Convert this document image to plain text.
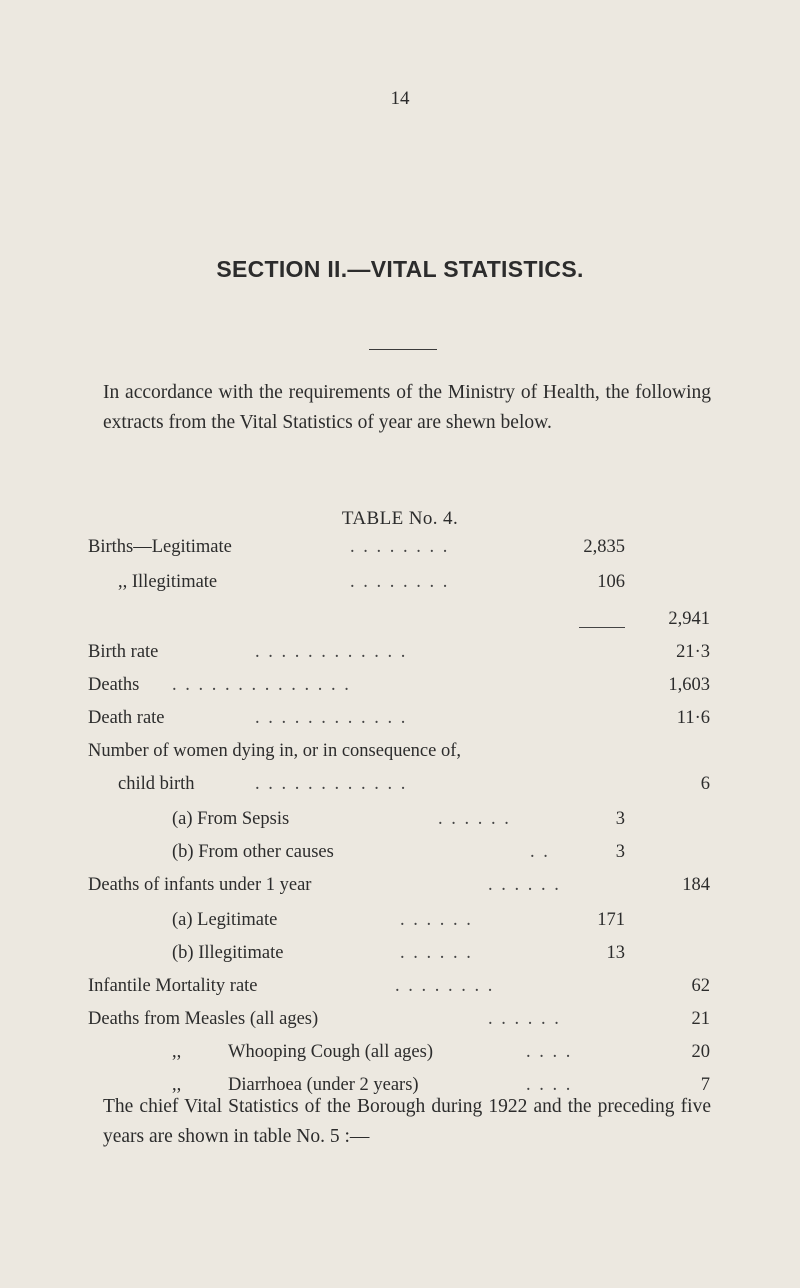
14
SECTION II.—VITAL STATISTICS.

In accordance with the requirements of the Ministry of Health, the following extracts from the Vital Statistics of year are shewn below.

TABLE No. 4.
Births—Legitimate	. . . . . . . .	2,835
,, Illegitimate	. . . . . . . .	106
2,941
Birth rate	. . . . . . . . . . . .	21·3
Deaths . . . . . . . . . . . . . .	1,603
Death rate	. . . . . . . . . . . .	11·6
Number of women dying in, or in consequence of,
child birth	. . . . . . . . . . . .	6
(a) From Sepsis	. . . . . .	3
(b) From other causes	. .	3
Deaths of infants under 1 year	. . . . . .	184
(a) Legitimate	. . . . . .	171
(b) Illegitimate	. . . . . .	13
Infantile Mortality rate	. . . . . . . .	62
Deaths from Measles (all ages)	. . . . . .	21
,,	Whooping Cough (all ages)	. . . .	20
,,	Diarrhoea (under 2 years)	. . . .	7

The chief Vital Statistics of the Borough during 1922 and the preceding five years are shown in table No. 5 :—
